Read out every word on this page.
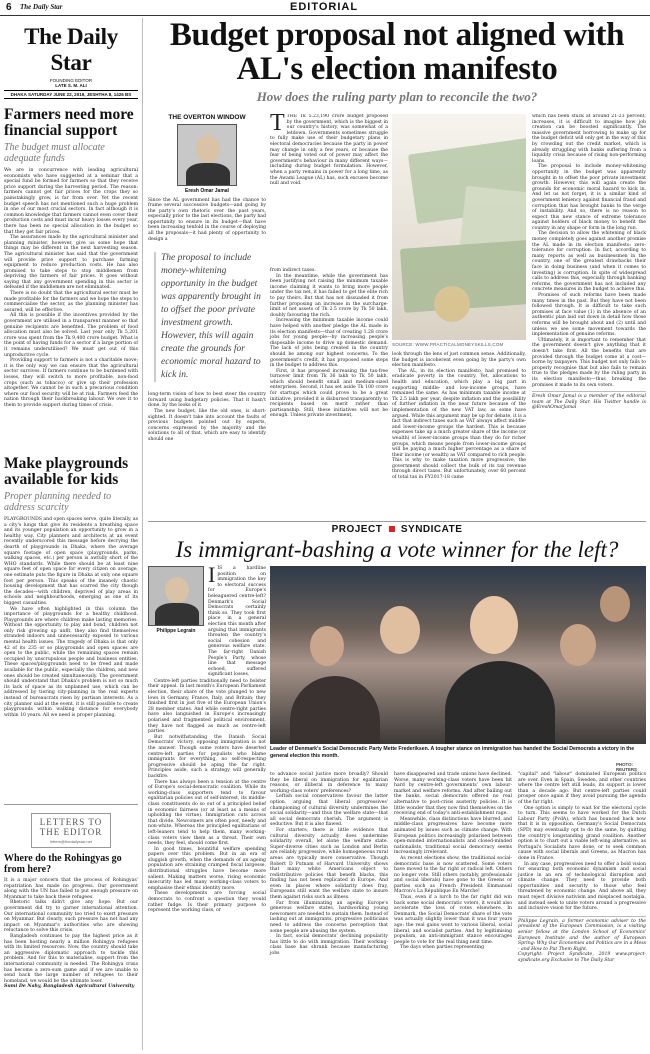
6 The Daily Star	EDITORIAL
The Daily Star
FOUNDING EDITOR
LATE S. M. ALI
DHAKA SATURDAY JUNE 22, 2019, JESHTHA 8, 1426 BS
Farmers need more financial support
The budget must allocate adequate funds

We are in concurrence with leading agricultural economists who have suggested at a seminar that a special fund be formed for farmers so that they receive price support during the harvesting period. The reason: farmers cannot get fair prices for the crops they so painstakingly grow, is far from over. Yet the recent budget speech has not mentioned such a huge problem in one of our most crucial sectors. In fact although it is common knowledge that farmers cannot even cover their production costs and must incur heavy losses every year, there has been no special allocation in the budget so that they get fair prices.

The assurances made by the agricultural minister and planning minister, however, give us some hope that things may be different in the next harvesting season. The agricultural minister has said that the government will provide price support to purchase farming equipment to reduce production costs. He has also promised to take steps to stop middlemen from depriving the farmers of fair prices. It goes without saying that any government spending in this sector is defeated if the middlemen are not eliminated.

There is no doubt that the agricultural sector must be made profitable for the farmers and we hope the steps to commercialise the sector, as the planning minister has assured, will be effective.

All this is possible if the incentives provided by the government are utilised in a transparent manner so that genuine recipients are benefited. The problem of food allocation must also be solved. Last year only Tk 5,201 crore was spent from the Tk 9,400 crore budget. What is the point of having funds for a sector if a large portion of it remains underutilised? We must get out of this unproductive cycle.

Providing support to farmers is not a charitable move; it is the only way we can ensure that the agricultural sector survives. If farmers continue to be burdened with losses, they will switch to more profitable, non-food crops (such as tobacco) or give up their profession altogether. We cannot be in such a precarious condition where our food security will be at risk. Farmers feed the nation through their backbreaking labour. We owe it to them to provide support during times of crisis.

Make playgrounds available for kids
Proper planning needed to address scarcity

PLAYGROUNDS and open spaces serve, quite literally, as a city's lungs that give its residents a breathing space and its younger population an opportunity to grow in a healthy way. City planners and architects at an event recently underscored this message before decrying the dearth of playgrounds in Dhaka, where the average square footage of open space (playgrounds, parks, walking spaces, etc.) per person is awfully short of the WHO standards. While there should be at least nine square feet of open space for every citizen on average, one estimate puts the figure in Dhaka at only one square foot per person. This speaks of the insanely chaotic housing development that has scarred the city though the decades—with children, deprived of play areas in schools and neighbourhoods, emerging as one of its biggest casualties.

We have often highlighted in this column the importance of playgrounds for a healthy childhood. Playgrounds are where children make lasting memories. Without the opportunity to play and bond, children not only risk growing up unfit, they also find themselves stranded indoors and unnecessarily exposed to various mental health issues. The tragedy of Dhaka is that only 42 of its 235 or so playgrounds and open spaces are open to the public, while the remaining spaces remain occupied by unscrupulous people and business entities. These spaces/playgrounds need to be freed and made available for the public, especially the children, and new ones should be created simultaneously. The government should understand that Dhaka's problem is not so much its lack of space as its unplanned use, which can be addressed by tiering city-planning in the real experts instead of bureaucrats risen by partisan interests. As a city planner said at the event, it is still possible to create playgrounds within walking distance for everybody within 10 years. All we need is proper planning.

LETTERS TO THE EDITOR
letters@thedailystar.net
Where do the Rohingyas go from here?

It is a major concern that the process of Rohingyas' repatriation has made no progress. Our government along with the UN has failed to put enough pressure on Myanmar to take back these refugees.

Rhetoric talks didn't give any hope. But our government did try to garner international attention. Our international community too tried to exert pressure on Myanmar. But clearly, such pressure has not had any impact on Myanmar's authorities who are showing reluctance to solve this crisis.

Bangladesh continues to pay the highest price as it has been hosting nearly a million Rohingya refugees with its limited resources. Now, the country should take an aggressive diplomatic approach to tackle this problem. And for this to materialise, support from the international community is needed. The Rohingya crisis has become a zero-sum game and if we are unable to send back the large number of refugees to their homeland, we would be the ultimate loser.

Sumi De Nahy, Bangladesh Agricultural University

Budget proposal not aligned with AL's election manifesto
How does the ruling party plan to reconcile the two?
THE OVERTON WINDOW
Eresh Omar Jamal
Since the AL government has had the chance to frame several successive budgets—and going by the party's own rhetoric over the past years, especially prior to the last elections, the party had opportunity to ensure in its budget—that have been increasing tenfold in the course of deploying all the proposals—it had plenty of opportunity to design a
The proposal to include money-whitening opportunity in the budget was apparently brought in to offset the poor private investment growth. However, this will again create the grounds for economic moral hazard to kick in.
long-term vision of how to best steer the country forward using budgetary policies. That it hasn't done, by the looks of it.
The new budget, like the old ones, is short-sighted. It doesn't take into account the faults of previous budgets pointed out by experts, concerns expressed by the majority and the solutions to all of that, which are easy to identify should one

TTHE Tk 5.23,190 crore budget proposed by the government, which is the biggest in our country's history, was somewhat of a letdown. Governments sometimes struggle to fully make use of their budgetary plans in electoral democracies because the party in power may change in only a few years, or because the fear of being voted out of power may affect the government's behaviour in many different ways—including during budget formulation. However, when a party remains in power for a long time, as the Awami League (AL) has, such excuses become null and void.

SOURCE: WWW.PRACTICALMONEYSKILLS.COM
look through the lens of just common sense. Additionally, the budget is incoherent even going by the party's own election manifesto.
The AL, in its election manifesto, had promised to eradicate poverty in the country. Yet, allocations to health and education, which play a big part in supporting middle- and low-income groups, have remained the same. As has minimum taxable income at Tk 2.5 lakh per year, despite inflation and the possibility of further inflation in the near future because of the implementation of the new VAT law, as some have argued. While this argument may be up for debate, it is a fact that indirect taxes such as VAT always affect middle- and lower-income groups the hardest. This is because expenses take up a much greater share of the income (or wealth) of lower-income groups than they do for richer groups, which means people from lower-income groups will be paying a much higher percentage as a share of their income (or wealth) as VAT compared to rich people. This is why to make taxation more progressive, the government should collect the bulk of its tax revenue through direct taxes. But unfortunately, over 60 percent of total tax in FY2017-18 came
from indirect taxes.
In the meantime, while the government has been justifying not raising the minimum taxable income claiming it wants to bring more people under the tax net, it has failed to get the elite rich to pay theirs. But that has not dissuaded it from further proposing an increase in the surcharge-limit of net assets of Tk 2.5 crore by Tk 50 lakh, doubly favouring the rich.
Increasing the minimum taxable income could have helped with another pledge the AL made in its election manifesto—that of creating 1.28 crore jobs for young people—by increasing people's disposable income to drive up domestic demand. The lack of jobs being created in the country should be among our highest concerns. To the government's credit, it has proposed some steps in the budget to address this.
First, it has proposed increasing the tax-free turnover limit from Tk 36 lakh to Tk 50 lakh, which should benefit small and medium-sized enterprises. Second, it has set aside Tk 100 crore for startups which could prove to be a great initiative, provided it is disbursed transparently to recipients based on merit rather than partisanship. Still, these initiatives will not be enough. Unless private investment,
PROJECT SYNDICATE
Is immigrant-bashing a vote winner for the left?
Philippe Legrain
IIS a hardline position on immigration the key to electoral success for Europe's beleaguered centre-left? Denmark's Social Democrats certainly think so. They took first place in a general election this month after arguing that immigrants threaten the country's social cohesion and generous welfare state. The far-right Danish People's Party, whose line that message echoed, suffered significant losses.
Centre-left parties traditionally need to bolster their appeal. In last month's European Parliament election, their share of the vote plunged to new lows in Germany, France, Italy, and Britain; they finished first in just five of the European Union's 28 member states. And while centre-right parties have also languished in Europe's increasingly polarised and fragmented political environment, they have not flagged as much as centre-left parties.
But notwithstanding the Danish Social Democrats' victory, opposing immigration is not the answer. Though some voters have deserted centre-left parties for populists who blame immigrants for everything, no self-respecting progressive should be aping the far right. Principles aside, such a strategy will generally backfire.
There has always been a tension at the centre of Europe's social-democratic coalition. While its working-class supporters tend to favour egalitarian policies out of self-interest, its middle-class constituents do so out of a principled belief in economic fairness (or at least as a means of upholding the virtue). Immigration cuts across that divide. Newcomers are often poor, needy and non-white. Whereas the principled egalitarians of left-leaners tend to help them, many working-class voters view them as a threat. Their own needs, they feel, should come first.
In good times, bountiful welfare spending papers over this problem. But in an era of sluggish growth, when the demands of an ageing population are straining cramped fiscal largesse, distributional struggles have become more salient. Making matters worse, rising economic insecurity has led many working-class voters to emphasise their ethnic identity more.
These developments are forcing social democrats to confront a question they would rather fudge. Is their primary purpose to represent the working class, or
Leader of Denmark's Social Democratic Party Mette Frederiksen. A tougher stance on immigration has handed the Social Democrats a victory in the general election this month.
PHOTO: REUTERS
to advance social justice more broadly? Should they be liberal on immigration for egalitarian reasons, or illiberal in deference to many working-class voters' preferences?
Leftish social conservatives favour the latter option, arguing that liberal progressives' championing of cultural diversity undermines the social solidarity—and thus the welfare state—that all social democrats cherish. The argument is seductive. But it is also flawed.
For starters, there is little evidence that cultural diversity actually does undermine solidarity overall, let alone the welfare state. Super-diverse cities such as London and Berlin are reliably progressive, while homogeneous rural areas are typically more conservative. Though Robert D Putnam of Harvard University shows that many white Americans object to redistributive policies that benefit blacks, this finding has not been replicated in Europe. And even in places where solidarity does fray, Europeans still want the welfare state to insure them against risks such as illness.
Far from illuminating an ageing Europe's generous welfare states, hardworking young newcomers are needed to sustain them. Instead of lashing out at immigrants, progressive politicians need to address the concerns perception that some people are abusing the system.
In fact, social democrats' declining popularity has little to do with immigration. Their working-class base has shrunk because manufacturing jobs
have disappeared and trade unions have declined. Worse, many working-class voters have been hit hard by centre-left governments' own labour-market and welfare reforms. And after bailing out the banks, social democrats offered no real alternative to post-crisis austerity policies. It is little wonder that they now find themselves on the receiving end of today's anti-establishment rage.
Meanwhile, class distinctions have blurred, and middle-class progressives have become more animated by issues such as climate change. With European politics increasingly polarised between open-minded internationalists and closed-minded nationalists, traditional social democracy seems increasingly irrelevant.
As recent elections show, the traditional social-democratic base is now scattered. Some voters have moved to the far right or radical left. Others no longer vote. Still others (notably, professionals and social liberals) have gone to the Greens or parties such as French President Emmanuel Macron's La République En Marche!
Thus, even if a lurch to the far right did win back some social democratic voters, it would also accelerate the loss of votes elsewhere. In Denmark, the Social Democrats' share of the vote was actually slightly lower than it was four years ago: the real gains went to various liberal, social liberal, and socialist parties. And by legitimising populism, an anti-immigrant stance encourages people to vote for the real thing next time.
The days when parties representing
"capital" and "labour" dominated European politics are over. Even in Spain, Sweden, and other countries where the centre left still leads, its support is lower than a decade ago. But centre-left parties could prosper once again if they avoid pursuing the agenda of the far right.
One option is simply to wait for the electoral cycle to turn. This seems to have worked for the Dutch Labour Party (PvdA), which has bounced back now that it is in opposition. Germany's Social Democrats (SPD) may eventually opt to do the same, by quitting the country's longstanding grand coalition. Another option is to chart out a viable left-wing alternative, as Portugal's Socialists have done, or to seek common cause with social liberals and Greens, as Macron has done in France.
In any case, progressives need to offer a bold vision for ensuring both economic dynamism and social justice in an era of technological disruption and climate change. They need to provide both opportunities and security to those who feel threatened by economic change. And above all, they must reject divisive nativism and misplaced nostalgia, and instead seek to unite voters around a progressive and inclusive vision for the future.
Philippe Legrain, a former economic adviser to the president of the European Commission, is a visiting senior fellow at the London School of Economics' European Institute and the author of European Spring: Why Our Economies and Politics are in a Mess - and How to Put Them Right.
Copyright: Project Syndicate, 2019 www.project-syndicate.org Exclusive to The Daily Star
which has been stuck at around 21-23 percent, increases, it is difficult to imagine how job creation can be boosted significantly. The massive government borrowing to make up for the budget deficit will only get in the way of this by crowding out the credit market, which is already struggling with banks suffering from a liquidity crisis because of rising non-performing loans.
The proposal to include money-whitening opportunity in the budget was apparently brought in to offset the poor private investment growth. However, this will again create the grounds for economic moral hazard to kick in. And let us not forget, it is a similar kind of government leniency against financial fraud and corruption that has brought banks to the verge of instability. And so, there is no reason to expect this new stance of extreme tolerance against holders of black money to benefit the country in any shape or form in the long run.
The decision to allow the whitening of black money completely goes against another promise the AL made in its election manifesto: zero-tolerance for corruption. In fact, according to many reports as well as businessmen in the country, one of the greatest drawbacks their face in doing business (and when it comes to investing) is corruption. In spite of widespread calls to address this, especially through banking reforms, the government has not included any concrete measures in the budget to achieve this.
Promises of such reforms have been made many times in the past. But they have not been followed through. It is difficult to take such promises at face value (1) in the absence of an authentic plan laid out down in detail how those reforms will be brought about and (2) until and unless we see some movement towards the implementation of genuine reforms.
Ultimately, it is important to remember that the government doesn't give anything that it doesn't take first. All the benefits that are provided through the budget come at a cost—borne by taxpayers. This budget not only fails to properly recognise that but also fails to remain true to the pledges made by the ruling party in its election manifesto—thus breaking the promises it made to its own voters.
Eresh Omar Jamal is a member of the editorial team at The Daily Star. His Twitter handle is @EreshOmarJamal
